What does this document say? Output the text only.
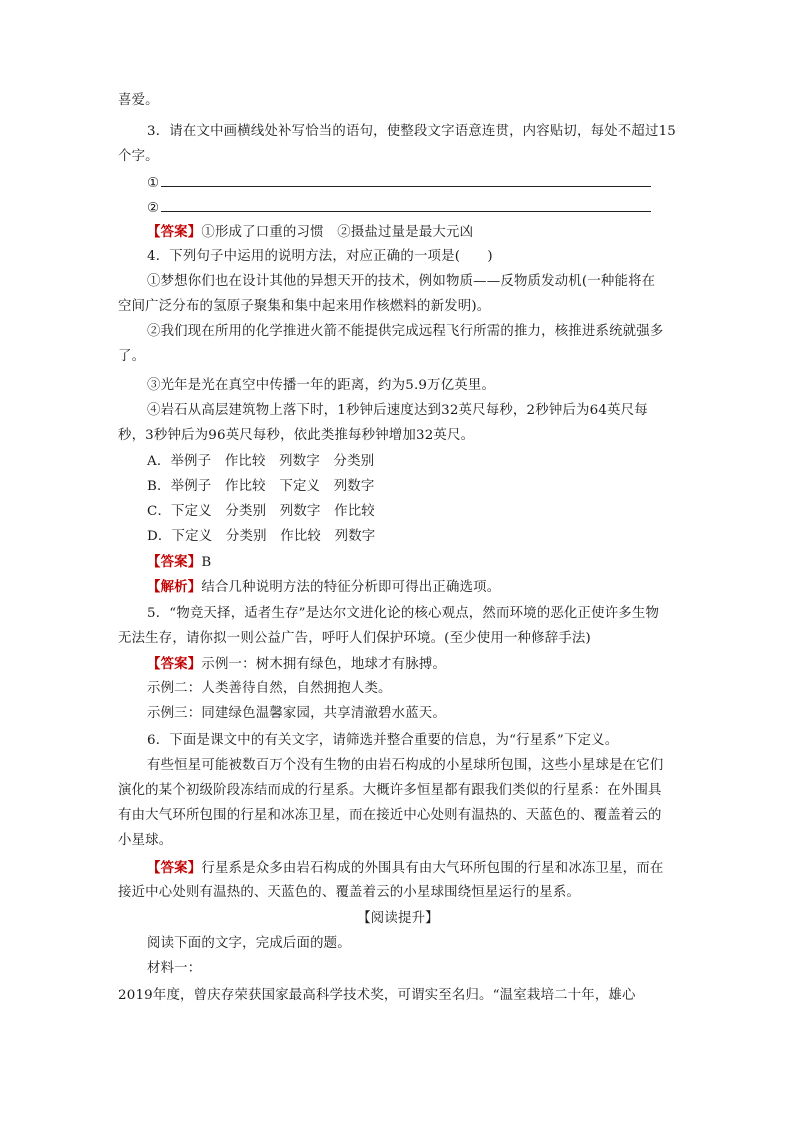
喜爱。
3．请在文中画横线处补写恰当的语句，使整段文字语意连贯，内容贴切，每处不超过15
个字。
①
②
【答案】①形成了口重的习惯　②摄盐过量是最大元凶
4．下列句子中运用的说明方法，对应正确的一项是(　　)
①梦想你们也在设计其他的异想天开的技术，例如物质——反物质发动机(一种能将在
空间广泛分布的氢原子聚集和集中起来用作核燃料的新发明)。
②我们现在所用的化学推进火箭不能提供完成远程飞行所需的推力，核推进系统就强多
了。
③光年是光在真空中传播一年的距离，约为5.9万亿英里。
④岩石从高层建筑物上落下时，1秒钟后速度达到32英尺每秒，2秒钟后为64英尺每
秒，3秒钟后为96英尺每秒，依此类推每秒钟增加32英尺。
A．举例子　作比较　列数字　分类别
B．举例子　作比较　下定义　列数字
C．下定义　分类别　列数字　作比较
D．下定义　分类别　作比较　列数字
【答案】B
【解析】结合几种说明方法的特征分析即可得出正确选项。
5．“物竞天择，适者生存”是达尔文进化论的核心观点，然而环境的恶化正使许多生物
无法生存，请你拟一则公益广告，呼吁人们保护环境。(至少使用一种修辞手法)
【答案】示例一：树木拥有绿色，地球才有脉搏。
示例二：人类善待自然，自然拥抱人类。
示例三：同建绿色温馨家园，共享清澈碧水蓝天。
6．下面是课文中的有关文字，请筛选并整合重要的信息，为“行星系”下定义。
有些恒星可能被数百万个没有生物的由岩石构成的小星球所包围，这些小星球是在它们
演化的某个初级阶段冻结而成的行星系。大概许多恒星都有跟我们类似的行星系：在外围具
有由大气环所包围的行星和冰冻卫星，而在接近中心处则有温热的、天蓝色的、覆盖着云的
小星球。
【答案】行星系是众多由岩石构成的外围具有由大气环所包围的行星和冰冻卫星，而在
接近中心处则有温热的、天蓝色的、覆盖着云的小星球围绕恒星运行的星系。
【阅读提升】
阅读下面的文字，完成后面的题。
材料一：
2019年度，曾庆存荣获国家最高科学技术奖，可谓实至名归。“温室栽培二十年，雄心
